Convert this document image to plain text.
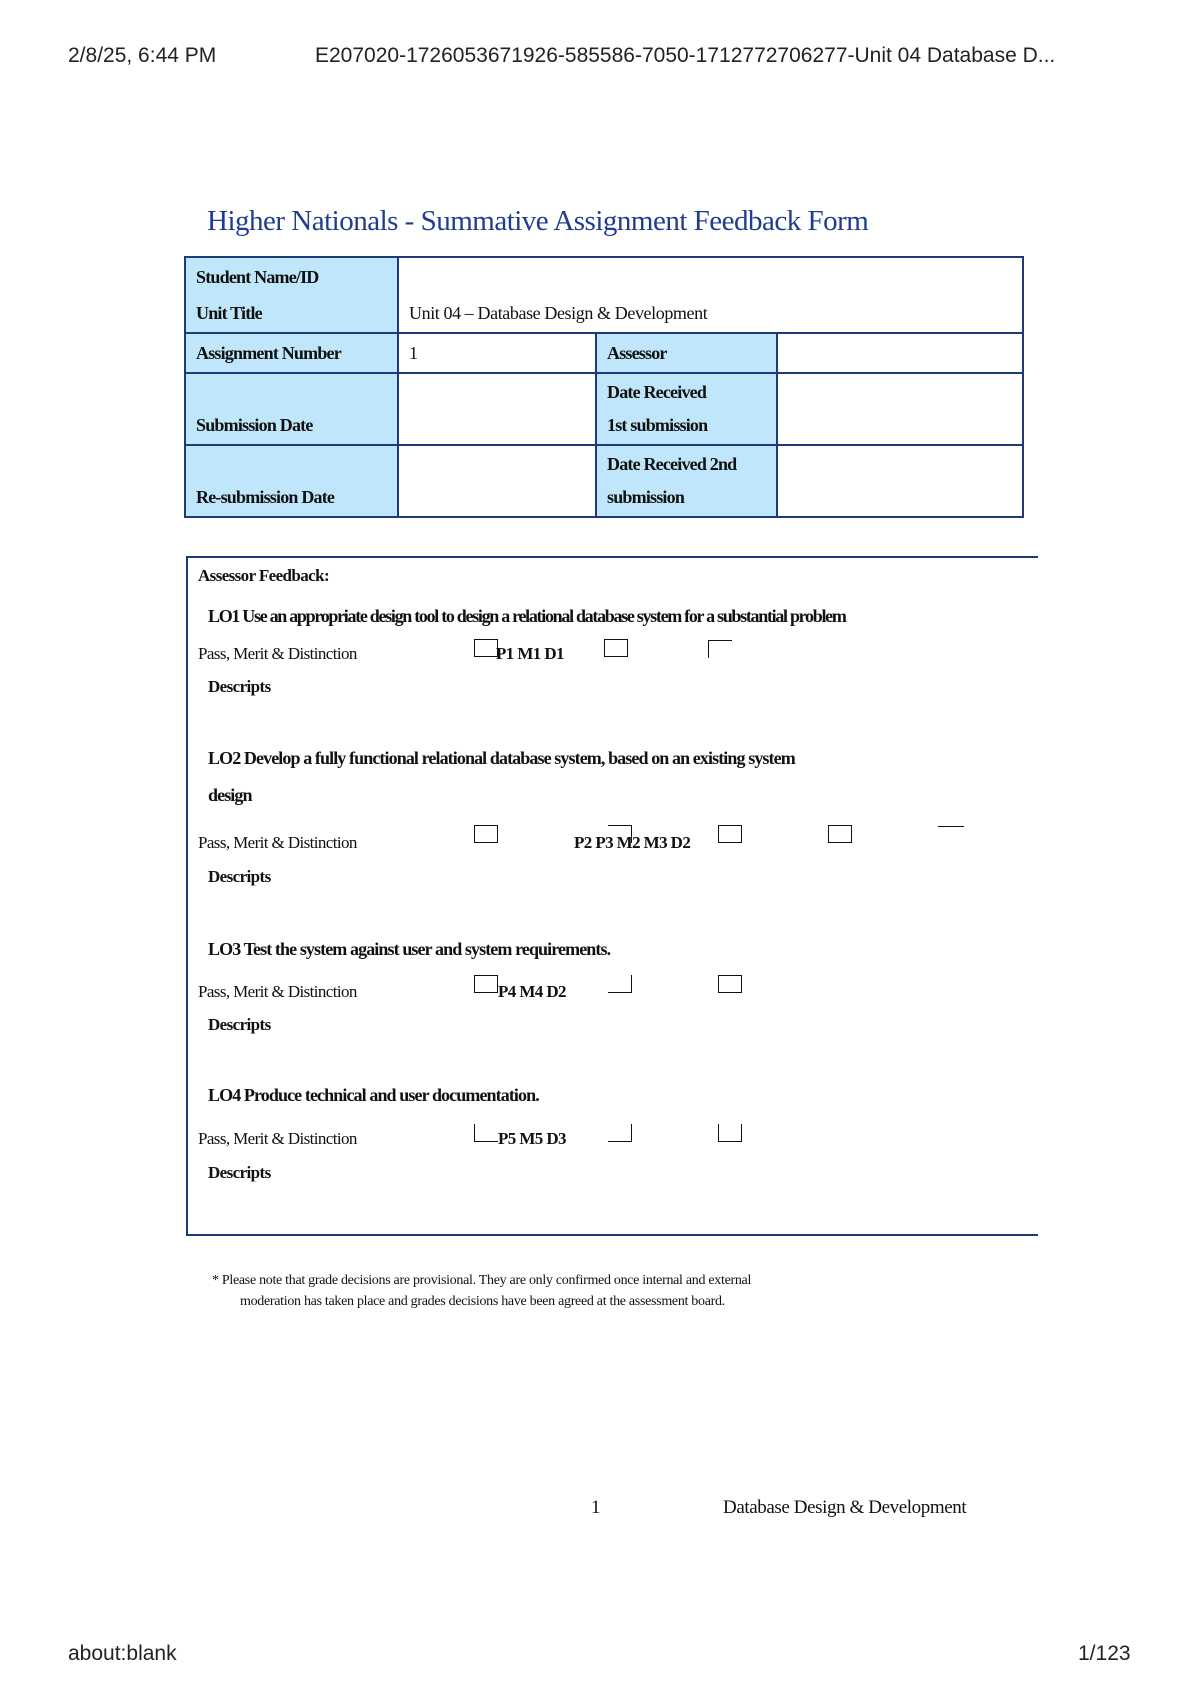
2/8/25, 6:44 PM	E207020-1726053671926-585586-7050-1712772706277-Unit 04 Database D...
Higher Nationals - Summative Assignment Feedback Form
Student Name/ID
Unit Title	Unit 04 – Database Design & Development		

Assignment Number	1	Assessor	
Submission Date		Date Received
1st submission	

Re-submission Date		Date Received 2nd
submission	

Assessor Feedback:
LO1 Use an appropriate design tool to design a relational database system for a substantial problem
Pass, Merit & Distinction
Descripts
P1 M1 D1
LO2 Develop a fully functional relational database system, based on an existing system
design
Pass, Merit & Distinction
Descripts
P2 P3 M2 M3 D2
LO3 Test the system against user and system requirements.
Pass, Merit & Distinction
Descripts
P4 M4 D2
LO4 Produce technical and user documentation.
Pass, Merit & Distinction
Descripts
P5 M5 D3
* Please note that grade decisions are provisional. They are only confirmed once internal and external
moderation has taken place and grades decisions have been agreed at the assessment board.
1	Database Design & Development
about:blank	1/123
